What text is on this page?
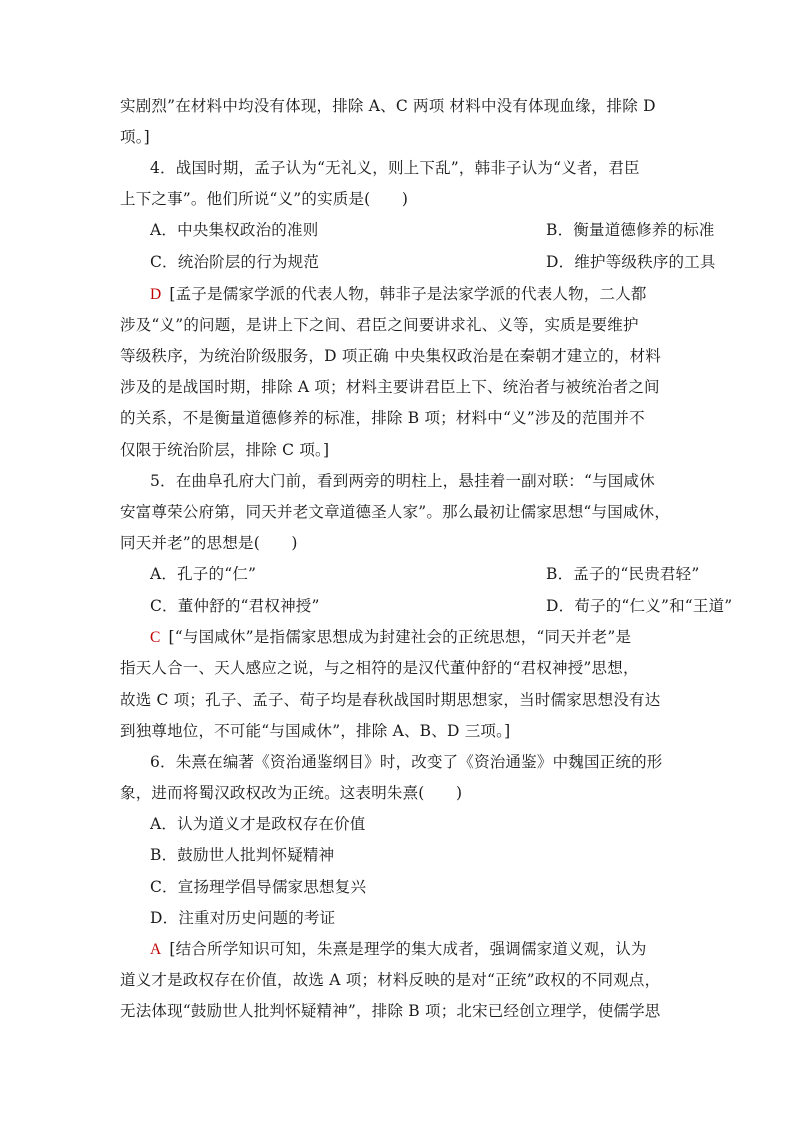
实剧烈”在材料中均没有体现，排除 A、C 两项 材料中没有体现血缘，排除 D
项。]
4．战国时期，孟子认为“无礼义，则上下乱”，韩非子认为“义者，君臣
上下之事”。他们所说“义”的实质是(　　)
A．中央集权政治的准则	B．衡量道德修养的标准
C．统治阶层的行为规范	D．维护等级秩序的工具
D  [孟子是儒家学派的代表人物，韩非子是法家学派的代表人物，二人都
涉及“义”的问题，是讲上下之间、君臣之间要讲求礼、义等，实质是要维护
等级秩序，为统治阶级服务，D 项正确 中央集权政治是在秦朝才建立的，材料
涉及的是战国时期，排除 A 项；材料主要讲君臣上下、统治者与被统治者之间
的关系，不是衡量道德修养的标准，排除 B 项；材料中“义”涉及的范围并不
仅限于统治阶层，排除 C 项。]
5．在曲阜孔府大门前，看到两旁的明柱上，悬挂着一副对联：“与国咸休
安富尊荣公府第，同天并老文章道德圣人家”。那么最初让儒家思想“与国咸休，
同天并老”的思想是(　　)
A．孔子的“仁”	B．孟子的“民贵君轻”
C．董仲舒的“君权神授”	D．荀子的“仁义”和“王道”
C  [“与国咸休”是指儒家思想成为封建社会的正统思想，“同天并老”是
指天人合一、天人感应之说，与之相符的是汉代董仲舒的“君权神授”思想，
故选 C 项；孔子、孟子、荀子均是春秋战国时期思想家，当时儒家思想没有达
到独尊地位，不可能“与国咸休”，排除 A、B、D 三项。]
6．朱熹在编著《资治通鉴纲目》时，改变了《资治通鉴》中魏国正统的形
象，进而将蜀汉政权改为正统。这表明朱熹(　　)
A．认为道义才是政权存在价值
B．鼓励世人批判怀疑精神
C．宣扬理学倡导儒家思想复兴
D．注重对历史问题的考证
A  [结合所学知识可知，朱熹是理学的集大成者，强调儒家道义观，认为
道义才是政权存在价值，故选 A 项；材料反映的是对“正统”政权的不同观点，
无法体现“鼓励世人批判怀疑精神”，排除 B 项；北宋已经创立理学，使儒学思
